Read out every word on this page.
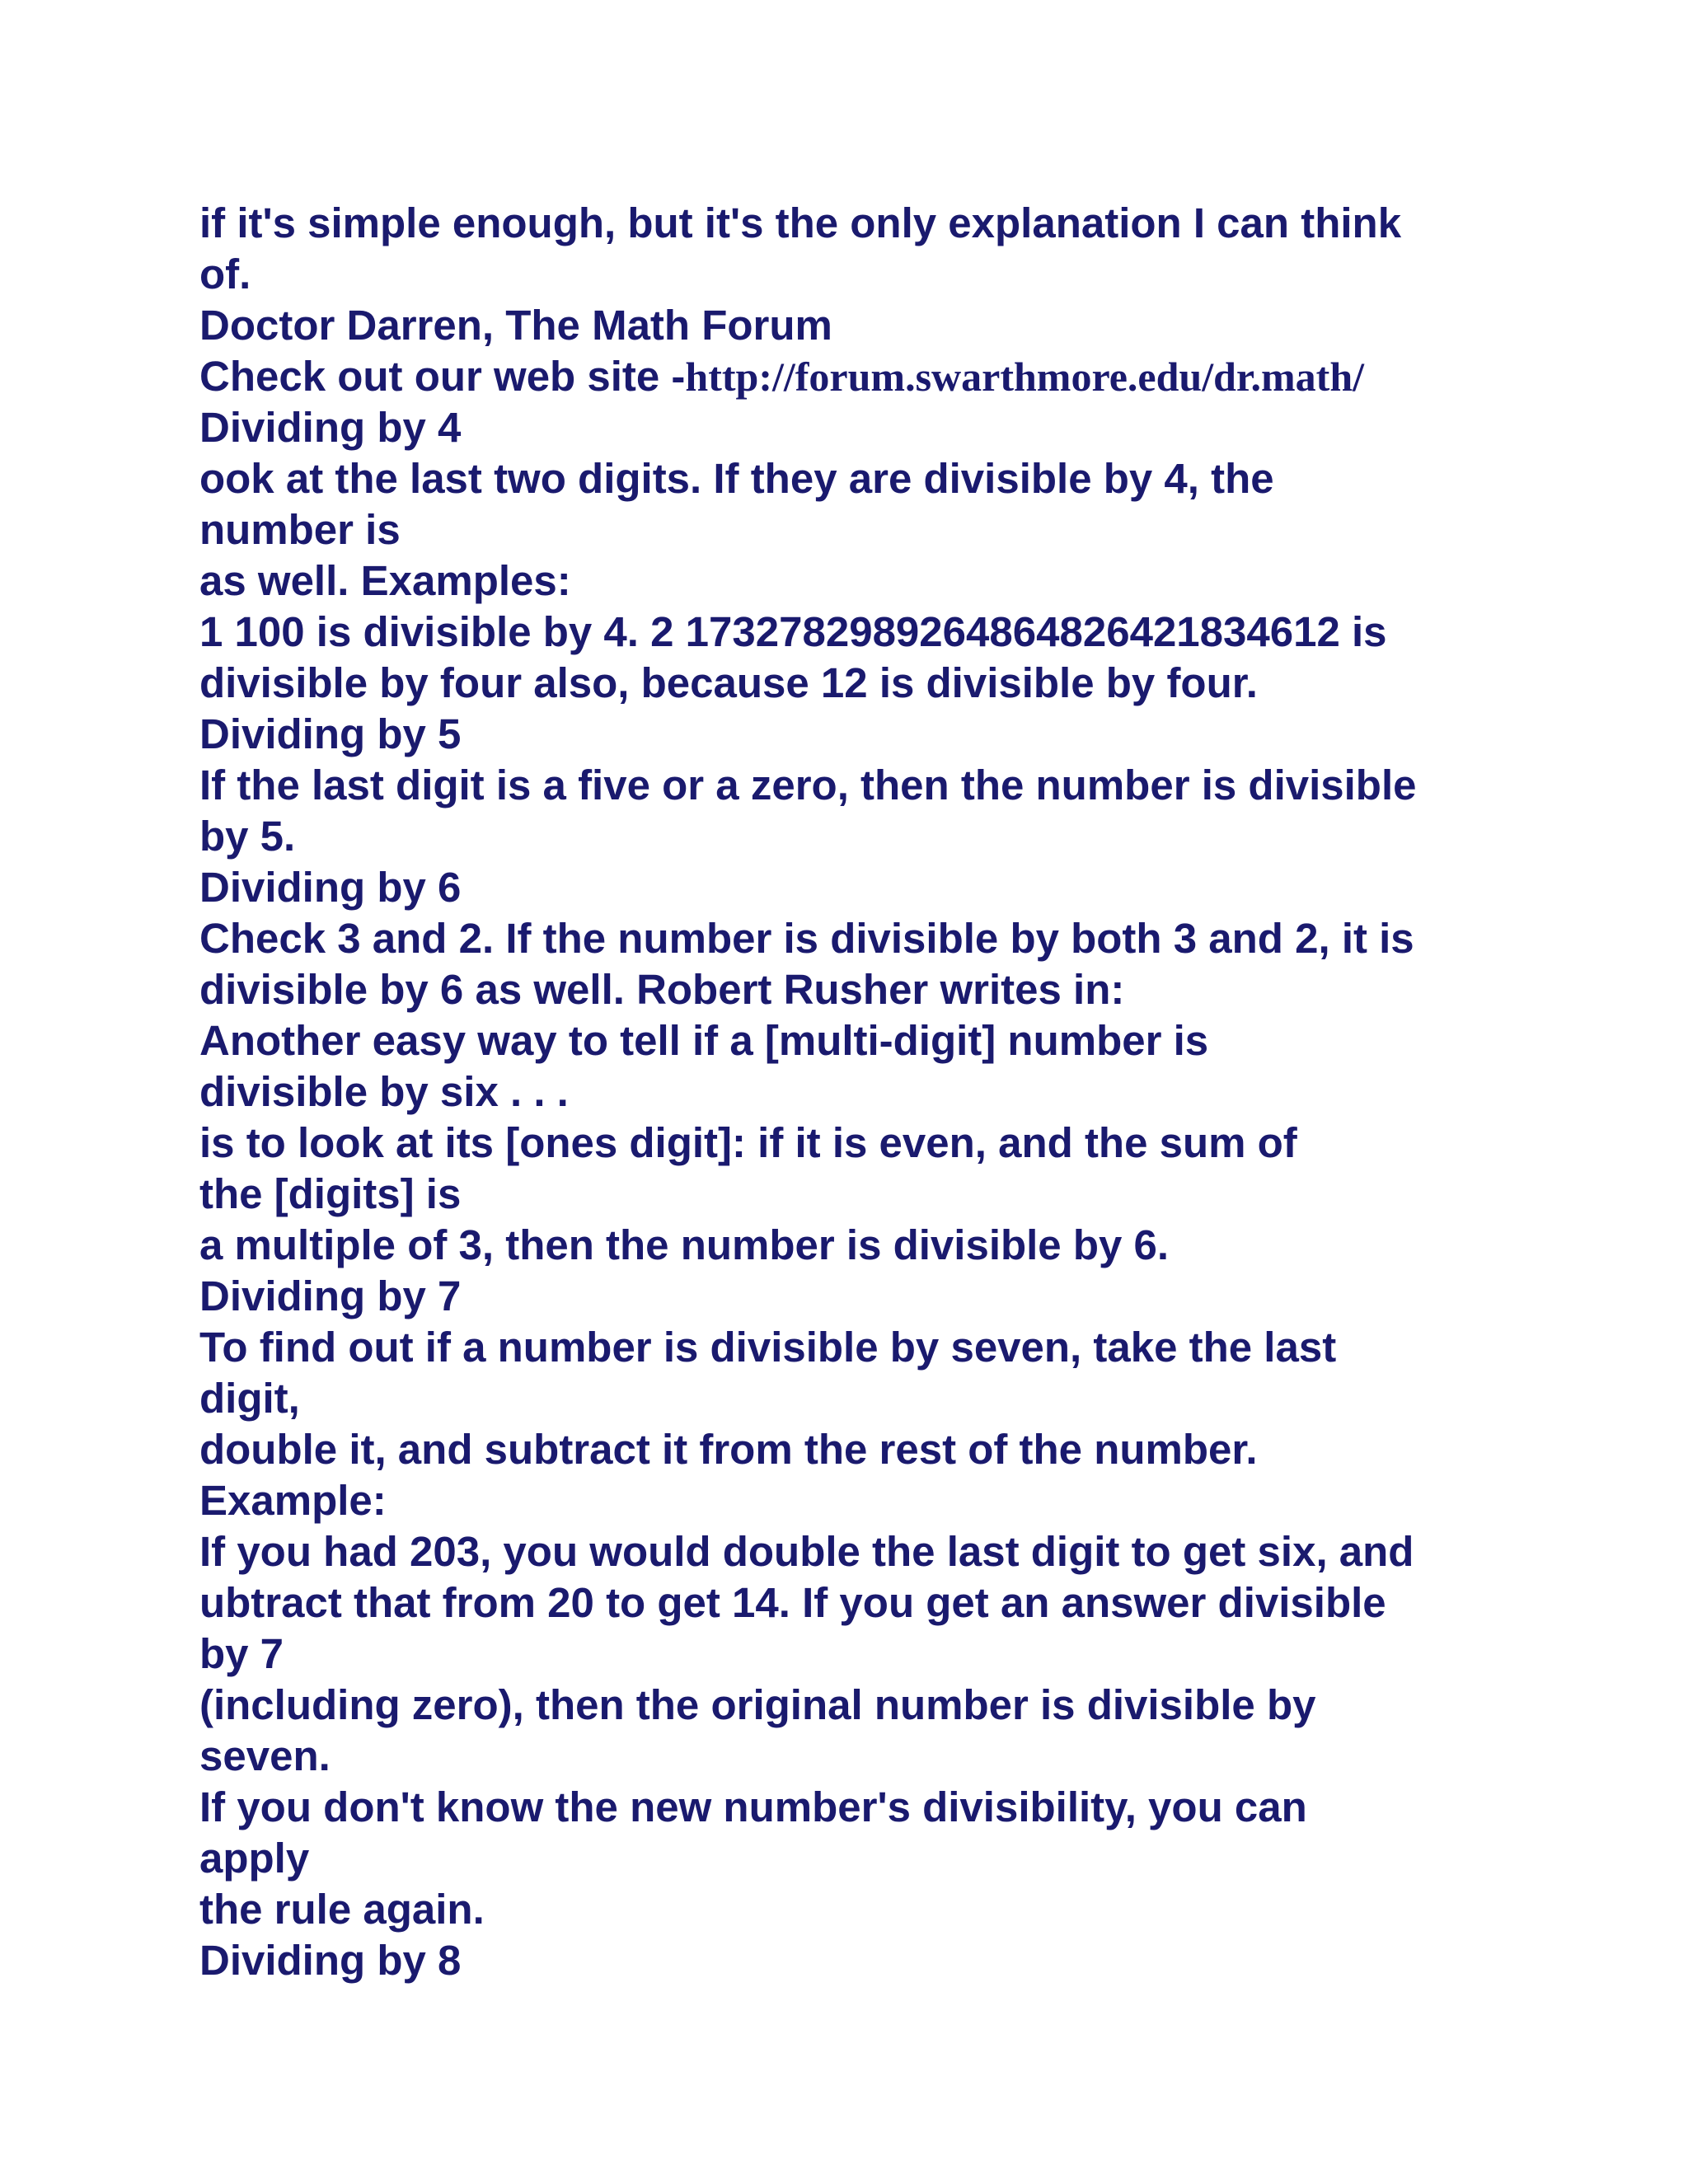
if it's simple enough, but it's the only explanation I can think
of.
Doctor Darren, The Math Forum
Check out our web site -http://forum.swarthmore.edu/dr.math/
Dividing by 4
ook at the last two digits. If they are divisible by 4, the
number is
as well. Examples:
1 100 is divisible by 4. 2 1732782989264864826421834612 is
divisible by four also, because 12 is divisible by four.
Dividing by 5
If the last digit is a five or a zero, then the number is divisible
by 5.
Dividing by 6
Check 3 and 2. If the number is divisible by both 3 and 2, it is
divisible by 6 as well. Robert Rusher writes in:
Another easy way to tell if a [multi-digit] number is
divisible by six . . .
is to look at its [ones digit]: if it is even, and the sum of
the [digits] is
a multiple of 3, then the number is divisible by 6.
Dividing by 7
To find out if a number is divisible by seven, take the last
digit,
double it, and subtract it from the rest of the number.
Example:
If you had 203, you would double the last digit to get six, and
ubtract that from 20 to get 14. If you get an answer divisible
by 7
(including zero), then the original number is divisible by
seven.
If you don't know the new number's divisibility, you can
apply
the rule again.
Dividing by 8
